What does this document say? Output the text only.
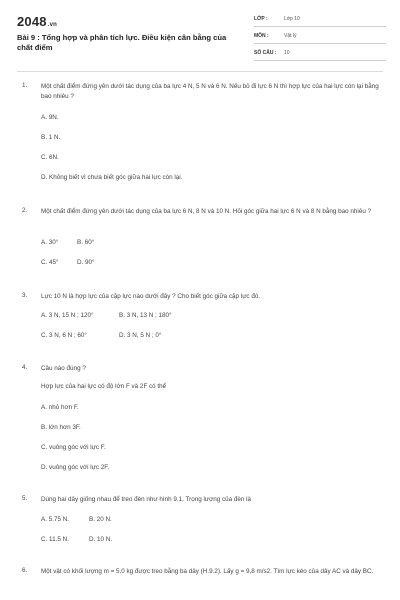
2048.vn
Bài 9 : Tổng hợp và phân tích lực. Điều kiện cân bằng của chất điểm
LỚP :	Lớp 10
MÔN :	Vật lý
SỐ CÂU : 10
1. Một chất điểm đứng yên dưới tác dụng của ba lực 4 N, 5 N và 6 N. Nếu bỏ đi lực 6 N thì hợp lực của hai lực còn lại bằng bao nhiêu ?
A. 9N.
B. 1 N.
C. 6N.
D. Không biết vì chưa biết góc giữa hai lực còn lại.
2. Một chất điểm đứng yên dưới tác dụng của ba lực 6 N, 8 N và 10 N. Hỏi góc giữa hai lực 6 N và 8 N bằng bao nhiêu ?
A. 30°	B. 60°
C. 45°	D. 90°
3. Lực 10 N là hợp lực của cặp lực nào dưới đây ? Cho biết góc giữa cặp lực đó.
A. 3 N, 15 N ; 120°	B. 3 N, 13 N ; 180°
C. 3 N, 6 N ; 60°	D. 3 N, 5 N ; 0°
4. Câu nào đúng ?
Hợp lực của hai lực có độ lớn F và 2F có thể
A. nhỏ hơn F.
B. lớn hơn 3F.
C. vuông góc với lực F.
D. vuông góc với lực 2F.
5. Dùng hai dây giống nhau để treo đèn như hình 9.1. Trọng lượng của đèn là
A. 5.75 N.	B. 20 N.
C. 11.5 N.	D. 10 N.
6. Một vật có khối lượng m = 5,0 kg được treo bằng ba dây (H.9.2). Lấy g = 9,8 m/s2. Tìm lực kéo của dây AC và dây BC.
